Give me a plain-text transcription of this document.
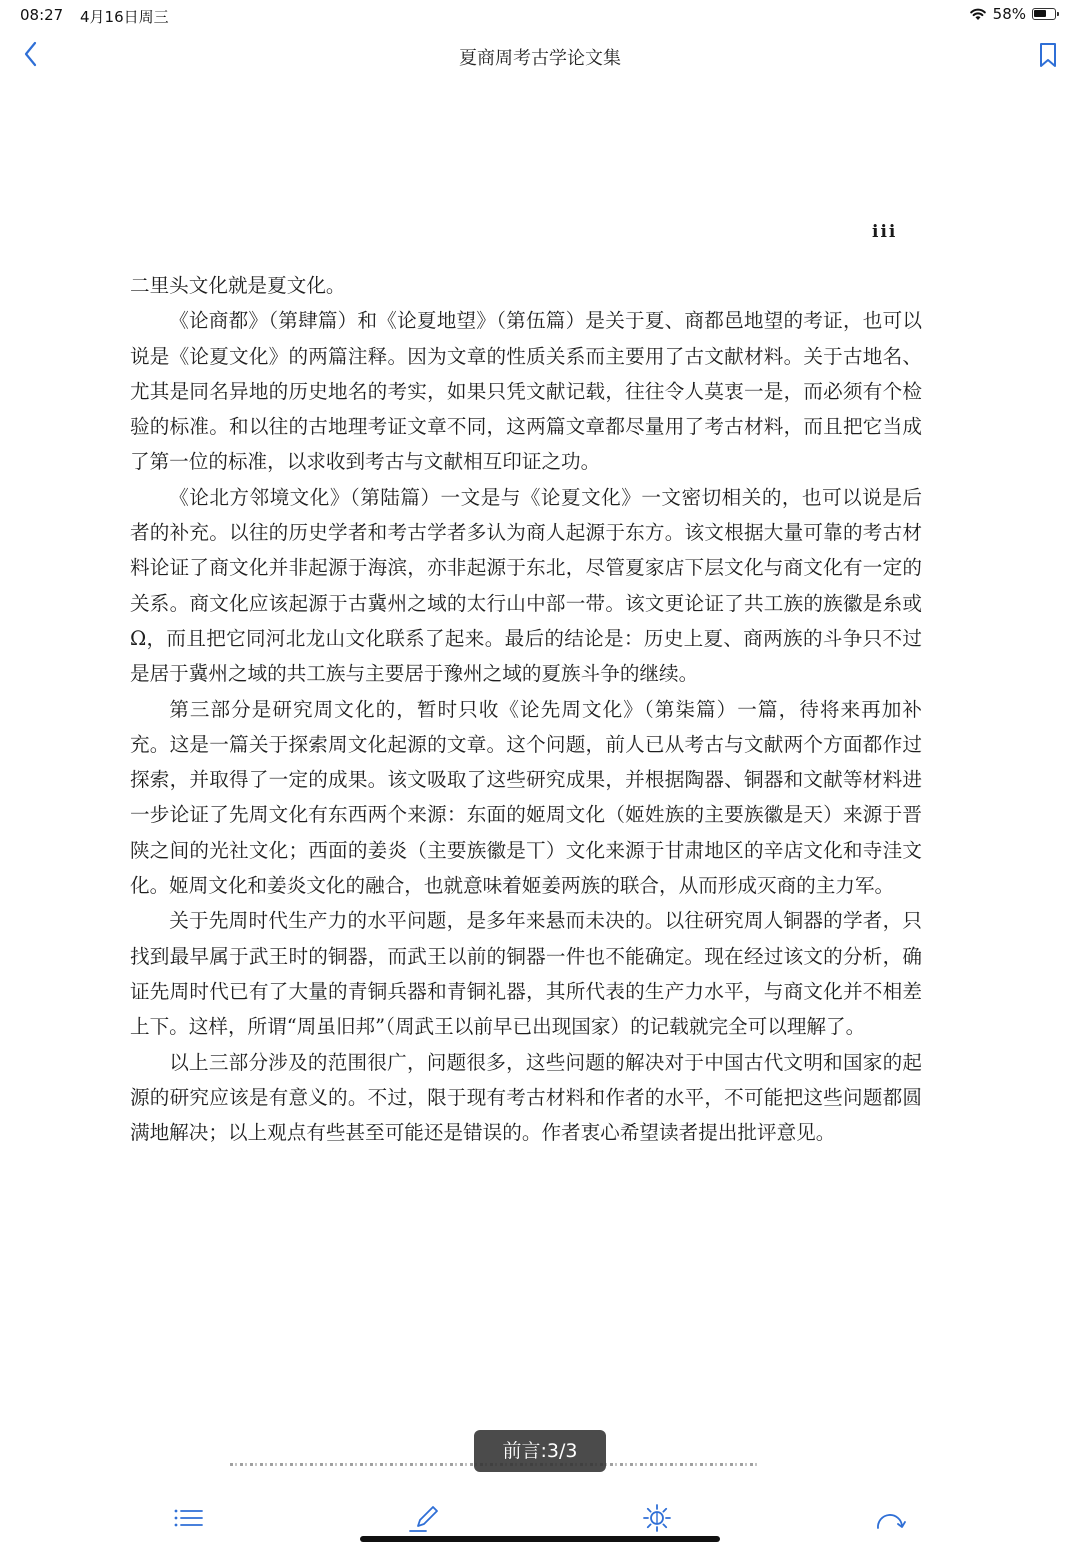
08:27 4月16日周三	58%
夏商周考古学论文集
iii

二里头文化就是夏文化。

《论商都》（第肆篇）和《论夏地望》（第伍篇）是关于夏、商都邑地望的考证，也可以说是《论夏文化》的两篇注释。因为文章的性质关系而主要用了古文献材料。关于古地名、尤其是同名异地的历史地名的考实，如果只凭文献记载，往往令人莫衷一是，而必须有个检验的标准。和以往的古地理考证文章不同，这两篇文章都尽量用了考古材料，而且把它当成了第一位的标准，以求收到考古与文献相互印证之功。

《论北方邻境文化》（第陆篇）一文是与《论夏文化》一文密切相关的，也可以说是后者的补充。以往的历史学者和考古学者多认为商人起源于东方。该文根据大量可靠的考古材料论证了商文化并非起源于海滨，亦非起源于东北，尽管夏家店下层文化与商文化有一定的关系。商文化应该起源于古冀州之域的太行山中部一带。该文更论证了共工族的族徽是糸或Ω，而且把它同河北龙山文化联系了起来。最后的结论是：历史上夏、商两族的斗争只不过是居于冀州之域的共工族与主要居于豫州之域的夏族斗争的继续。

第三部分是研究周文化的，暂时只收《论先周文化》（第柒篇）一篇，待将来再加补充。这是一篇关于探索周文化起源的文章。这个问题，前人已从考古与文献两个方面都作过探索，并取得了一定的成果。该文吸取了这些研究成果，并根据陶器、铜器和文献等材料进一步论证了先周文化有东西两个来源：东面的姬周文化（姬姓族的主要族徽是天）来源于晋陕之间的光社文化；西面的姜炎（主要族徽是丅）文化来源于甘肃地区的辛店文化和寺洼文化。姬周文化和姜炎文化的融合，也就意味着姬姜两族的联合，从而形成灭商的主力军。

关于先周时代生产力的水平问题，是多年来悬而未决的。以往研究周人铜器的学者，只找到最早属于武王时的铜器，而武王以前的铜器一件也不能确定。现在经过该文的分析，确证先周时代已有了大量的青铜兵器和青铜礼器，其所代表的生产力水平，与商文化并不相差上下。这样，所谓“周虽旧邦”（周武王以前早已出现国家）的记载就完全可以理解了。

以上三部分涉及的范围很广，问题很多，这些问题的解决对于中国古代文明和国家的起源的研究应该是有意义的。不过，限于现有考古材料和作者的水平，不可能把这些问题都圆满地解决；以上观点有些甚至可能还是错误的。作者衷心希望读者提出批评意见。

前言:3/3
